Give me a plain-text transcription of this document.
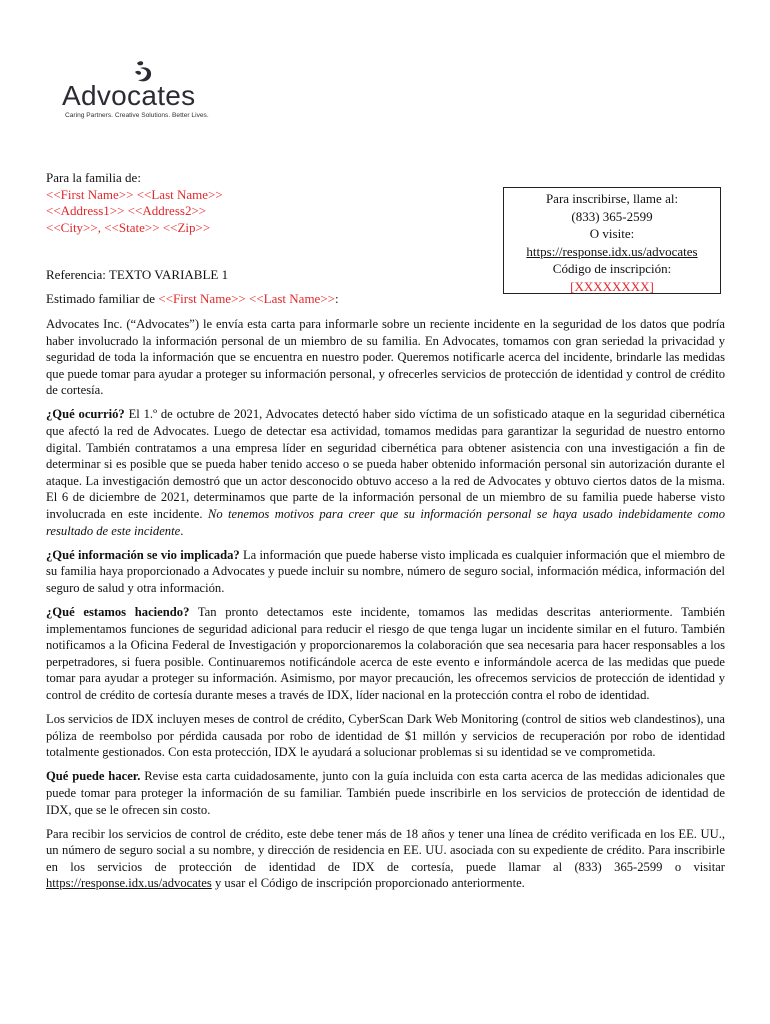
Advocates
Caring Partners. Creative Solutions. Better Lives.
Para la familia de:
<<First Name>> <<Last Name>>
<<Address1>> <<Address2>>
<<City>>, <<State>> <<Zip>>
Para inscribirse, llame al:
(833) 365-2599
O visite:
https://response.idx.us/advocates
Código de inscripción:
[XXXXXXXX]
Referencia: TEXTO VARIABLE 1
Estimado familiar de <<First Name>> <<Last Name>>:

Advocates Inc. (“Advocates”) le envía esta carta para informarle sobre un reciente incidente en la seguridad de los datos que podría haber involucrado la información personal de un miembro de su familia. En Advocates, tomamos con gran seriedad la privacidad y seguridad de toda la información que se encuentra en nuestro poder. Queremos notificarle acerca del incidente, brindarle las medidas que puede tomar para ayudar a proteger su información personal, y ofrecerles servicios de protección de identidad y control de crédito de cortesía.

¿Qué ocurrió? El 1.º de octubre de 2021, Advocates detectó haber sido víctima de un sofisticado ataque en la seguridad cibernética que afectó la red de Advocates. Luego de detectar esa actividad, tomamos medidas para garantizar la seguridad de nuestro entorno digital. También contratamos a una empresa líder en seguridad cibernética para obtener asistencia con una investigación a fin de determinar si es posible que se pueda haber tenido acceso o se pueda haber obtenido información personal sin autorización durante el ataque. La investigación demostró que un actor desconocido obtuvo acceso a la red de Advocates y obtuvo ciertos datos de la misma. El 6 de diciembre de 2021, determinamos que parte de la información personal de un miembro de su familia puede haberse visto involucrada en este incidente. No tenemos motivos para creer que su información personal se haya usado indebidamente como resultado de este incidente.

¿Qué información se vio implicada? La información que puede haberse visto implicada es cualquier información que el miembro de su familia haya proporcionado a Advocates y puede incluir su nombre, número de seguro social, información médica, información del seguro de salud y otra información.

¿Qué estamos haciendo? Tan pronto detectamos este incidente, tomamos las medidas descritas anteriormente. También implementamos funciones de seguridad adicional para reducir el riesgo de que tenga lugar un incidente similar en el futuro. También notificamos a la Oficina Federal de Investigación y proporcionaremos la colaboración que sea necesaria para hacer responsables a los perpetradores, si fuera posible. Continuaremos notificándole acerca de este evento e informándole acerca de las medidas que puede tomar para ayudar a proteger su información. Asimismo, por mayor precaución, les ofrecemos servicios de protección de identidad y control de crédito de cortesía durante meses a través de IDX, líder nacional en la protección contra el robo de identidad.

Los servicios de IDX incluyen meses de control de crédito, CyberScan Dark Web Monitoring (control de sitios web clandestinos), una póliza de reembolso por pérdida causada por robo de identidad de $1 millón y servicios de recuperación por robo de identidad totalmente gestionados. Con esta protección, IDX le ayudará a solucionar problemas si su identidad se ve comprometida.

Qué puede hacer. Revise esta carta cuidadosamente, junto con la guía incluida con esta carta acerca de las medidas adicionales que puede tomar para proteger la información de su familiar. También puede inscribirle en los servicios de protección de identidad de IDX, que se le ofrecen sin costo.

Para recibir los servicios de control de crédito, este debe tener más de 18 años y tener una línea de crédito verificada en los EE. UU., un número de seguro social a su nombre, y dirección de residencia en EE. UU. asociada con su expediente de crédito. Para inscribirle en los servicios de protección de identidad de IDX de cortesía, puede llamar al (833) 365-2599 o visitar https://response.idx.us/advocates y usar el Código de inscripción proporcionado anteriormente.
